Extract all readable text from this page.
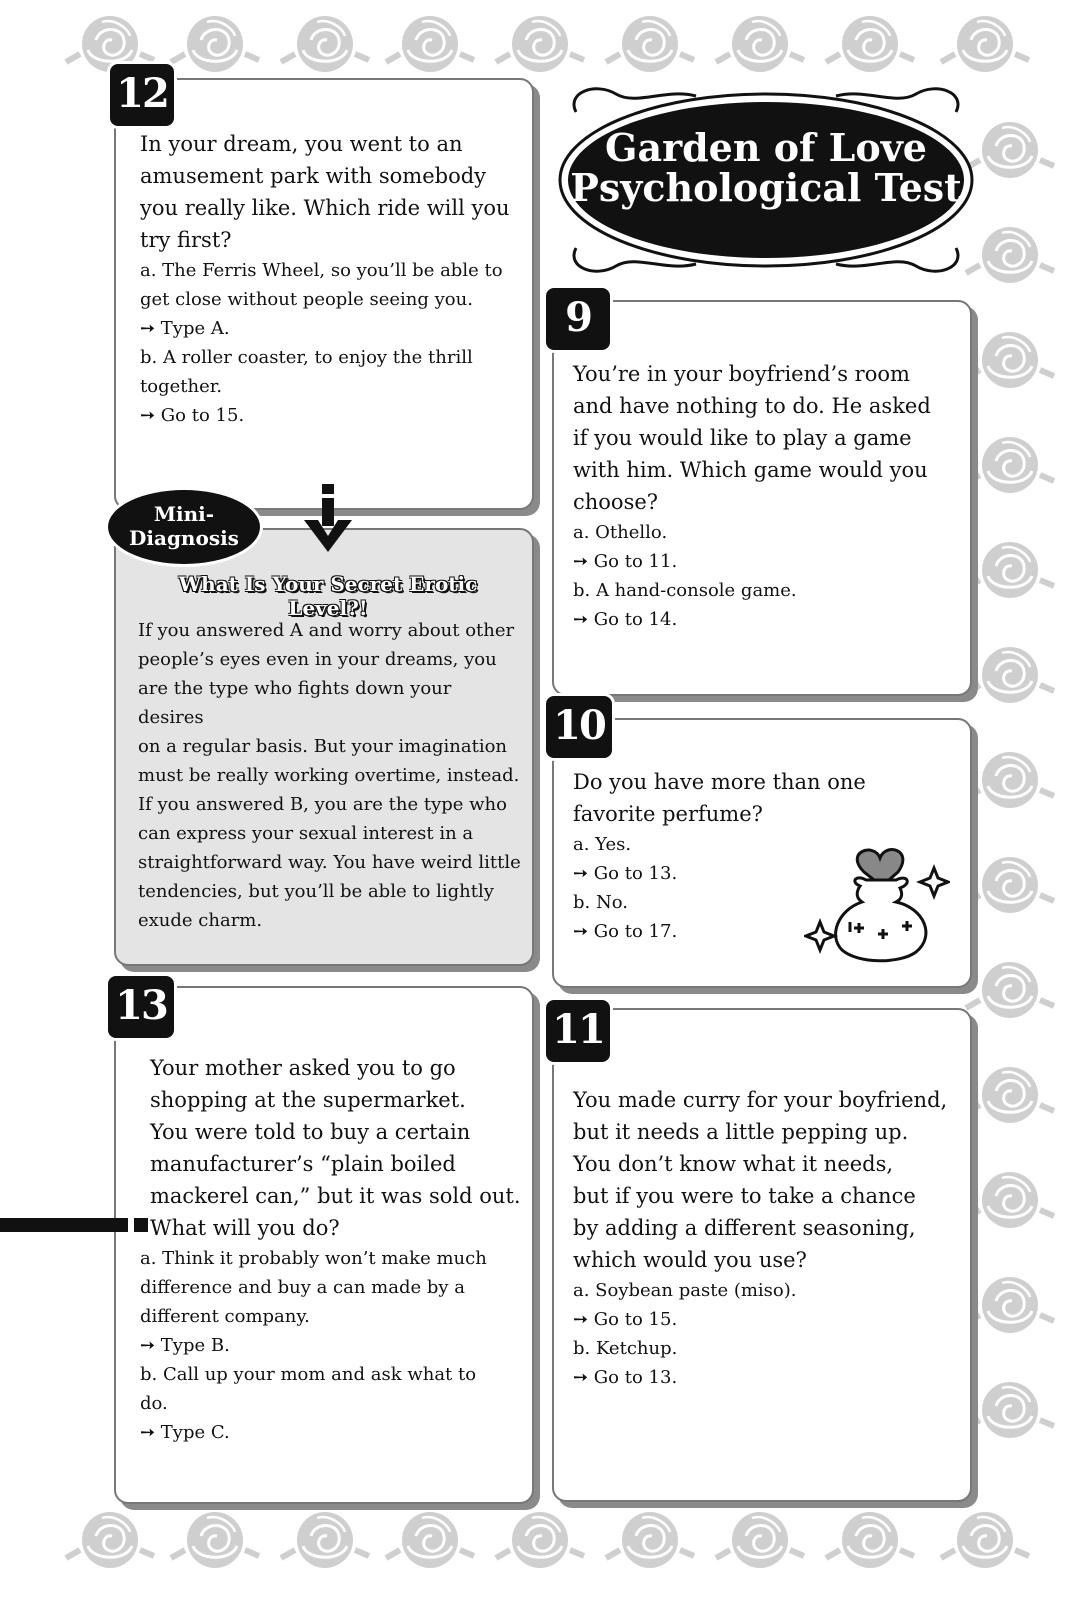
Garden of Love
Psychological Test
12

In your dream, you went to an

amusement park with somebody

you really like. Which ride will you

try first?

a. The Ferris Wheel, so you’ll be able to

get close without people seeing you.

➙ Type A.

b. A roller coaster, to enjoy the thrill

together.

➙ Go to 15.

Mini-
Diagnosis
What Is Your Secret Erotic Level?!

If you answered A and worry about other

people’s eyes even in your dreams, you

are the type who fights down your desires

on a regular basis. But your imagination

must be really working overtime, instead.

If you answered B, you are the type who

can express your sexual interest in a

straightforward way. You have weird little

tendencies, but you’ll be able to lightly

exude charm.

13

Your mother asked you to go

shopping at the supermarket.

You were told to buy a certain

manufacturer’s “plain boiled

mackerel can,” but it was sold out.

What will you do?

a. Think it probably won’t make much

difference and buy a can made by a

different company.

➙ Type B.

b. Call up your mom and ask what to

do.

➙ Type C.

9

You’re in your boyfriend’s room

and have nothing to do. He asked

if you would like to play a game

with him. Which game would you

choose?

a. Othello.

➙ Go to 11.

b. A hand-console game.

➙ Go to 14.

10

Do you have more than one

favorite perfume?

a. Yes.

➙ Go to 13.

b. No.

➙ Go to 17.

11

You made curry for your boyfriend,

but it needs a little pepping up.

You don’t know what it needs,

but if you were to take a chance

by adding a different seasoning,

which would you use?

a. Soybean paste (miso).

➙ Go to 15.

b. Ketchup.

➙ Go to 13.
